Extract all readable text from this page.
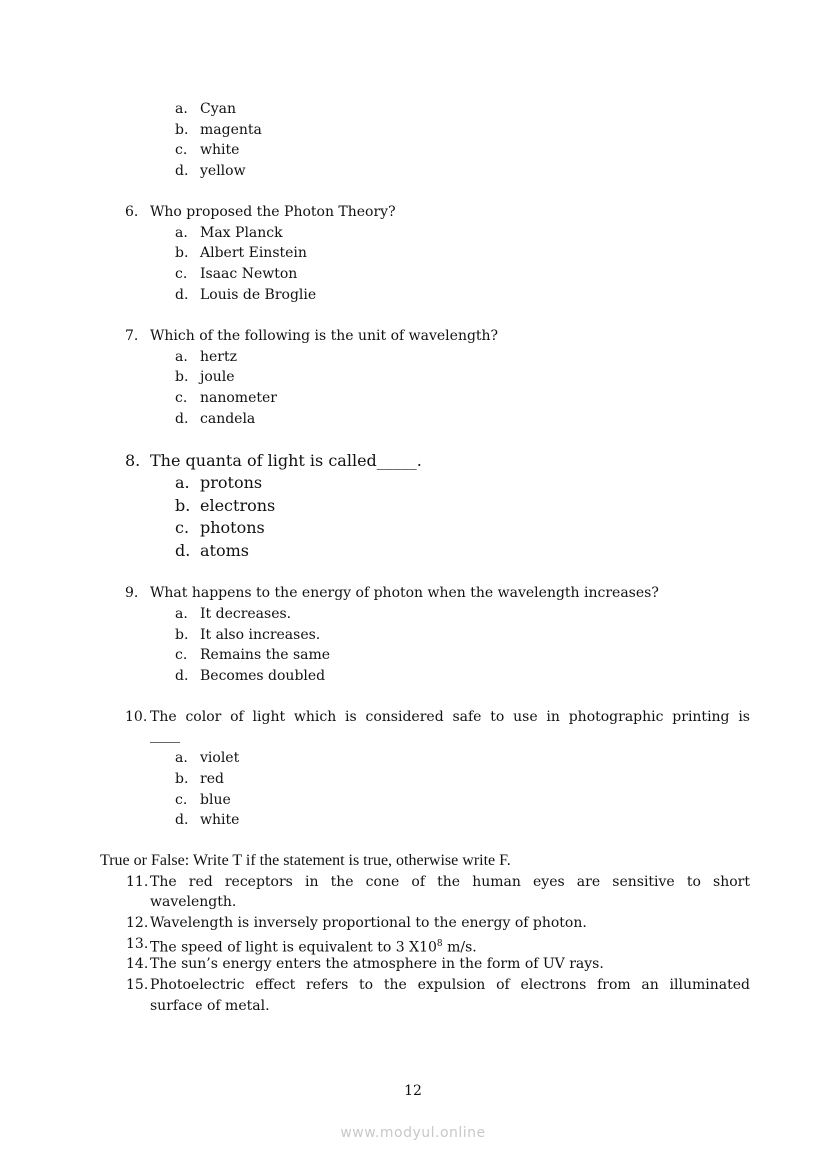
a. Cyan
b. magenta
c. white
d. yellow
6. Who proposed the Photon Theory?
a. Max Planck
b. Albert Einstein
c. Isaac Newton
d. Louis de Broglie
7. Which of the following is the unit of wavelength?
a. hertz
b. joule
c. nanometer
d. candela
8. The quanta of light is called_____.
a. protons
b. electrons
c. photons
d. atoms
9. What happens to the energy of photon when the wavelength increases?
a. It decreases.
b. It also increases.
c. Remains the same
d. Becomes doubled
10. The color of light which is considered safe to use in photographic printing is
a. violet
b. red
c. blue
d. white
True or False: Write T if the statement is true, otherwise write F.
11. The red receptors in the cone of the human eyes are sensitive to short
wavelength.
12. Wavelength is inversely proportional to the energy of photon.
13. The speed of light is equivalent to 3 $X10^8$ m/s.
14. The sun’s energy enters the atmosphere in the form of UV rays.
15. Photoelectric effect refers to the expulsion of electrons from an illuminated
surface of metal.
12
www.modyul.online
